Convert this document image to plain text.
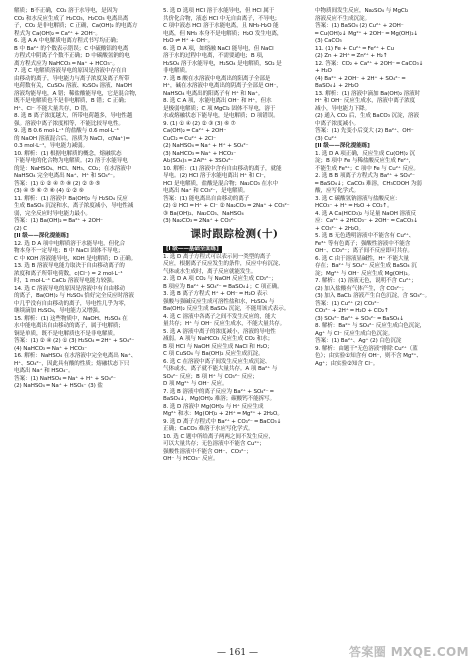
解质；B不正确，CO₂ 溶于水导电，是因为

CO₂ 和水反应生成了 H₂CO₃，H₂CO₃ 电离出离

子，CO₂ 是非电解质；C 正确，Ca(OH)₂ 的电离方

程式为 Ca(OH)₂ ═ Ca²⁺ + 2OH⁻。

6. 选 A A 中电解质电离方程式书写均正确；

B 中 Ba²⁺ 的个数表示错误；C 中硫酸铝的电离

方程式中阴离子个数不正确；D 中碳酸氢钠的电

离方程式应为 NaHCO₃ ═ Na⁺ + HCO₃⁻。

7. 选 C 电解质溶液导电的原因是溶液中存在自

由移动的离子，导电能力与离子浓度及离子所带

电荷数有关，CuSO₄ 溶液、K₂SO₄ 溶液、NaOH

溶液均能导电，A 错；稀盐酸能导电，它是混合物，

既不是电解质也不是非电解质，B 错；C 正确；

H⁺、Cl⁻ 不能大量共存，D 错。

8. 选 B 离子浓度越大，所带电荷越多，导电性越

强。溶液中离子浓度相等，不能比较导电性。

9. 选 B 0.6 mol·L⁻¹ 的盐酸与 0.6 mol·L⁻¹

的 NaOH 溶液混合后，溶质为 NaCl，c(Na⁺)=

0.3 mol·L⁻¹，导电能力减弱。

10. 解析：(1) 根据电解质的概念，熔融状态

下能导电的化合物为电解质。(2) 溶于水能导电

的是：NaHSO₄、HCl、NH₃、CO₂；在水溶液中

NaHSO₄ 完全电离出 Na⁺、H⁺ 和 SO₄²⁻。

答案：(1) ① ② ④ ⑦ ⑧ (2) ② ③ ⑤

(3) ④ ⑤ ⑥ ⑦ ⑧ (4) ① ② ⑨

11. 解析：(1) 溶液中 Ba(OH)₂ 与 H₂SO₄ 反应

生成 BaSO₄ 沉淀和水，离子浓度减小，导电性减

弱，完全反应时导电能力最小。

答案：(1) Ba(OH)₂ ═ Ba²⁺ + 2OH⁻

(2) C

[II 级——深化提能练]

12. 选 D A 项中电解质溶于水能导电，但化合

物本身不一定导电；B 中 NaCl 固体不导电；

C 中 KOH 溶液能导电，KOH 是电解质；D 正确。

13. 选 B 溶液导电能力取决于自由移动离子的

浓度和离子所带电荷数，c(Cl⁻) = 2 mol·L⁻¹

时，1 mol·L⁻¹ CaCl₂ 溶液导电能力较强。

14. 选 C 溶液导电的原因是溶液中有自由移动

的离子，Ba(OH)₂ 与 H₂SO₄ 恰好完全反应时溶液

中几乎没有自由移动的离子，导电性几乎为零，

继续滴加 H₂SO₄，导电能力又增强。

15. 解析：(1) 这些物质中，NaOH、H₂SO₄ 在

水中能电离出自由移动的离子，属于电解质；

铜是单质，既不是电解质也不是非电解质。

答案：(1) ② ④ (2) ① (3) H₂SO₄ ═ 2H⁺ + SO₄²⁻

(4) NaHCO₃ ═ Na⁺ + HCO₃⁻

16. 解析：NaHSO₄ 在水溶液中完全电离出 Na⁺、

H⁺、SO₄²⁻，因此具有酸的性质；熔融状态下只

电离出 Na⁺ 和 HSO₄⁻。

答案：(1) NaHSO₄ ═ Na⁺ + H⁺ + SO₄²⁻

(2) NaHSO₄ ═ Na⁺ + HSO₄⁻ (3) 盐

5. 选 D 选项 HCl 溶于水能导电，但 HCl 属于

共价化合物，液态 HCl 中无自由离子，不导电；

C 项中液态 HCl 溶于水能电离，且 NH₃·H₂O 能

电离，但 NH₃ 本身不是电解质；H₂O 发生电离，

H₂O ⇌ H⁺ + OH⁻。

6. 选 D A 项，如熔融 NaCl 能导电，但 NaCl

溶于水的过程中电离，不需要通电；B 项，

H₂SO₄ 溶于水能导电，H₂SO₄ 是电解质，SO₂ 是

非电解质。

7. 选 B 酸在水溶液中电离出的阳离子全部是

H⁺，碱在水溶液中电离出的阴离子全部是 OH⁻，

NaHSO₄ 电离出的阳离子有 H⁺ 和 Na⁺。

8. 选 C A 项，水能电离出 OH⁻ 和 H⁺，但水

是极弱电解质；C 项 MgCl₂ 固体不导电，溶于

水或熔融状态下能导电，是电解质；D 项错误。

9. (1) ① ④ (2) ② ③ (3) ⑥ ⑦

Ca(OH)₂ ═ Ca²⁺ + 2OH⁻

CuCl₂ ═ Cu²⁺ + 2Cl⁻

(2) NaHSO₄ ═ Na⁺ + H⁺ + SO₄²⁻

(3) NaHCO₃ ═ Na⁺ + HCO₃⁻

Al₂(SO₄)₃ ═ 2Al³⁺ + 3SO₄²⁻

10. 解析：(1) 溶液中含有自由移动的离子，就能

导电。(2) HCl 溶于水能电离出 H⁺ 和 Cl⁻，

HCl 是电解质，盐酸是混合物；Na₂CO₃ 在水中

电离出 Na⁺ 和 CO₃²⁻，是电解质。

答案：(1) 能电离出自由移动的离子

(2) ① HCl ═ H⁺ + Cl⁻ ② Na₂CO₃ ═ 2Na⁺ + CO₃²⁻

③ Ba(OH)₂、Na₂CO₃、NaHSO₄

(3) Na₂CO₃ ═ 2Na⁺ + CO₃²⁻

课时跟踪检测(十)
[I 级——基础全面练]

1. 选 D 离子方程式可以表示同一类型的离子

反应，根据离子反应发生的条件，反应中有沉淀、

气体或水生成时，离子反应就能发生。

2. 选 D A 项 CO₂ 与 NaOH 反应生成 CO₃²⁻；

B 项应为 Ba²⁺ + SO₄²⁻ ═ BaSO₄↓；C 项正确。

3. 选 B 离子方程式 H⁺ + OH⁻ ═ H₂O 表示

强酸与强碱反应生成可溶性盐和水，H₂SO₄ 与

Ba(OH)₂ 反应生成 BaSO₄ 沉淀，不能用该式表示。

4. 选 C 溶液中各离子之间不发生反应的，能大

量共存；H⁺ 与 OH⁻ 反应生成水，不能大量共存。

5. 选 A 溶液中离子的浓度减小，溶液的导电性

减弱。A 项与 NaHCO₃ 反应生成 CO₂ 和水；

B 项 HCl 与 NaOH 反应生成 NaCl 和 H₂O；

C 项 CuSO₄ 与 Ba(OH)₂ 反应生成沉淀。

6. 选 C 在溶液中离子间发生反应生成沉淀、

气体或水，离子就不能大量共存。A 项 Ba²⁺ 与

SO₄²⁻ 反应；B 项 H⁺ 与 CO₃²⁻ 反应；

D 项 Mg²⁺ 与 OH⁻ 反应。

7. 选 B 溶液中的离子反应为 Ba²⁺ + SO₄²⁻ ═

BaSO₄↓，Mg(OH)₂ 难溶；碳酸钙不能拆写。

8. 选 D 溶液中 Mg(OH)₂ 与 H⁺ 反应生成

Mg²⁺ 和水：Mg(OH)₂ + 2H⁺ ═ Mg²⁺ + 2H₂O。

9. 选 D 离子方程式中 Ba²⁺ + CO₃²⁻ ═ BaCO₃↓

正确；CaCO₃ 难溶于水应写化学式。

10. 选 C 题中所给离子两两之间不发生反应，

可以大量共存；无色溶液中不能含 Cu²⁺；

强酸性溶液中不能含 OH⁻、CO₃²⁻；

OH⁻ 与 HCO₃⁻ 反应。

中物质间发生反应，Na₂SO₄ 与 MgCl₂

溶液反应不生成沉淀。

答案：(1) BaSO₄ (2) Cu²⁺ + 2OH⁻

═ Cu(OH)₂↓ Mg²⁺ + 2OH⁻ ═ Mg(OH)₂↓

(3) CaCO₃

11. (1) Fe + Cu²⁺ ═ Fe²⁺ + Cu

(2) Zn + 2H⁺ ═ Zn²⁺ + H₂↑

12. 答案：CO₂ + Ca²⁺ + 2OH⁻ ═ CaCO₃↓

+ H₂O

(4) Ba²⁺ + 2OH⁻ + 2H⁺ + SO₄²⁻ ═

BaSO₄↓ + 2H₂O

13. 解析：(1) 溶液中滴加 Ba(OH)₂ 溶液时

H⁺ 和 OH⁻ 反应生成水，溶液中离子浓度

减小，导电能力下降。

(2) 通入 CO₂ 后，生成 BaCO₃ 沉淀，溶液

中离子浓度减小。

答案：(1) 先变小后变大 (2) Ba²⁺、OH⁻

(3) Cu²⁺

[II 级——深化提能练]

1. 选 D A 项正确，反应生成 Cu(OH)₂ 沉

淀；B 项中 Fe 与稀盐酸反应生成 Fe²⁺，

不能生成 Fe³⁺；C 项中 Fe 与 Cu²⁺ 反应。

2. 选 B B 项离子方程式为 Ba²⁺ + SO₄²⁻

═ BaSO₄↓；CaCO₃ 难溶，CH₃COOH 为弱

酸，应写化学式。

3. 选 C 碳酸氢钠溶液与盐酸反应：

HCO₃⁻ + H⁺ ═ H₂O + CO₂↑。

4. 选 A Ca(HCO₃)₂ 与足量 NaOH 溶液反

应：Ca²⁺ + 2HCO₃⁻ + 2OH⁻ ═ CaCO₃↓

+ CO₃²⁻ + 2H₂O。

5. 选 B 无色透明溶液中不能含有 Cu²⁺、

Fe³⁺ 等有色离子；强酸性溶液中不能含

OH⁻、CO₃²⁻；离子间不反应即可共存。

6. 选 C 由于溶液显碱性，H⁺ 不能大量

存在；Ba²⁺ 与 SO₄²⁻ 反应生成 BaSO₄ 沉

淀；Mg²⁺ 与 OH⁻ 反应生成 Mg(OH)₂。

7. 解析：(1) 溶液无色，说明不含 Cu²⁺；

(2) 加入盐酸有气体产生，含 CO₃²⁻；

(3) 加入 BaCl₂ 溶液产生白色沉淀，含 SO₄²⁻。

答案：(1) Cu²⁺ (2) CO₃²⁻

CO₃²⁻ + 2H⁺ ═ H₂O + CO₂↑

(3) SO₄²⁻ Ba²⁺ + SO₄²⁻ ═ BaSO₄↓

8. 解析：Ba²⁺ 与 SO₄²⁻ 反应生成白色沉淀，

Ag⁺ 与 Cl⁻ 反应生成白色沉淀。

答案：(1) Ba²⁺、Ag⁺ (2) 白色沉淀

9. 解析：由题干"无色溶液"排除 Cu²⁺（蓝

色）；由实验①知含有 OH⁻，则不含 Mg²⁺、

Ag⁺；由实验②知含 Cl⁻。

— 161 —	答案圈 MXQE.COM
